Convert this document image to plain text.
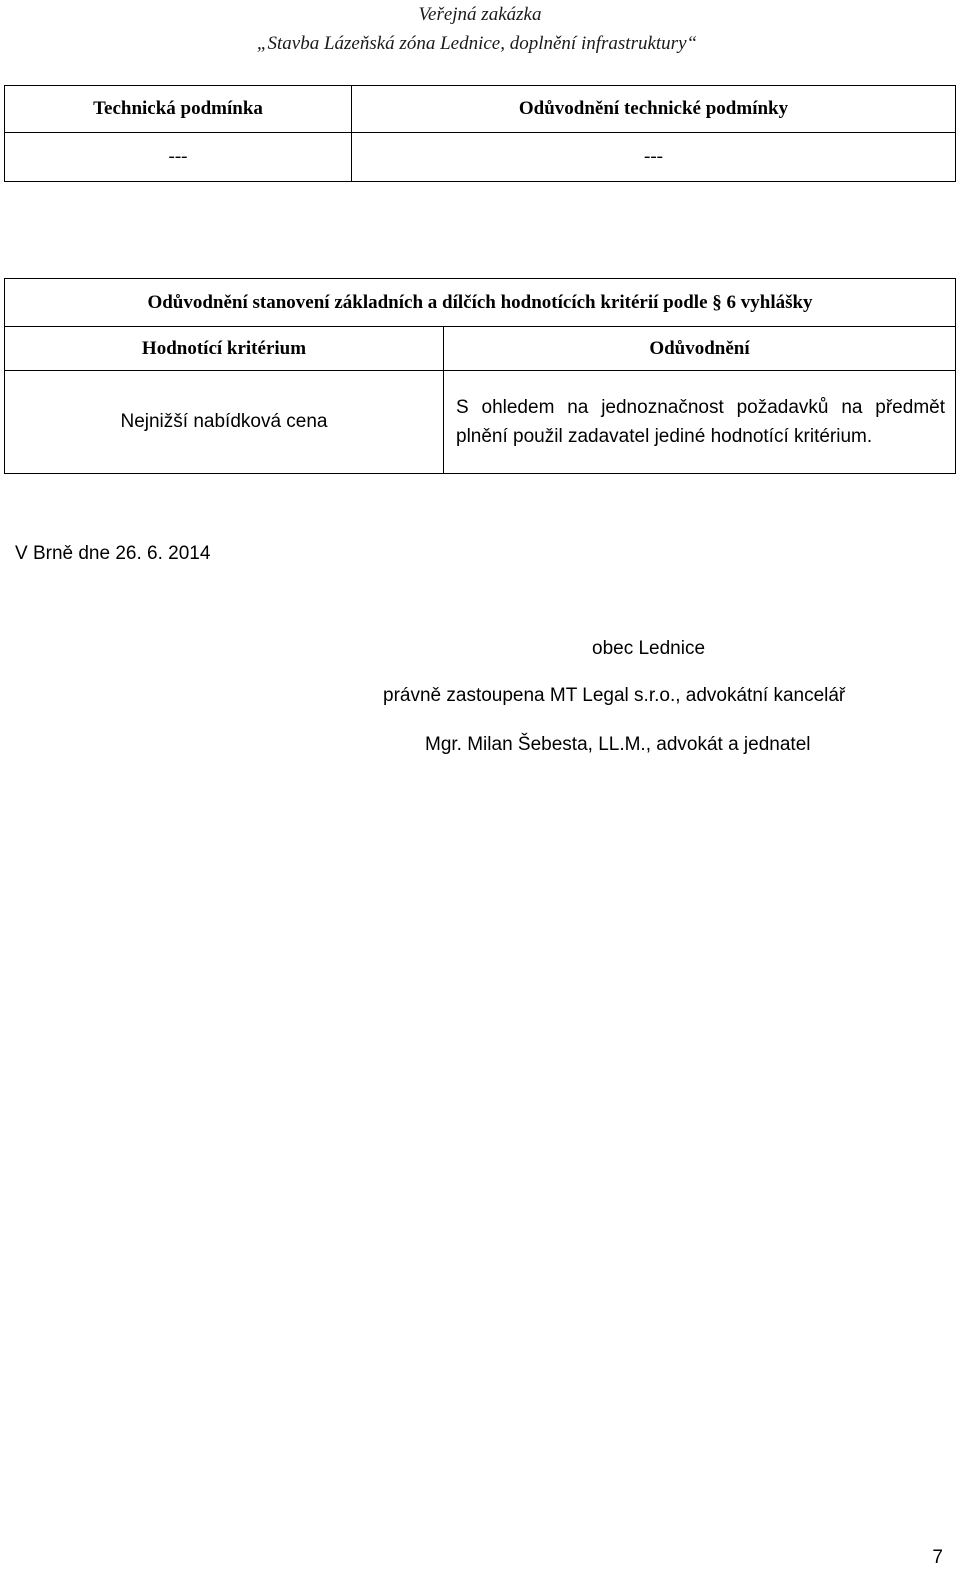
Veřejná zakázka
„Stavba Lázeňská zóna Lednice, doplnění infrastruktury“
Technická podmínka	Odůvodnění technické podmínky
---	---
Odůvodnění stanovení základních a dílčích hodnotících kritérií podle § 6 vyhlášky	
Hodnotící kritérium	Odůvodnění
Nejnižší nabídková cena	S ohledem na jednoznačnost požadavků na předmět plnění použil zadavatel jediné hodnotící kritérium.
V Brně dne 26. 6. 2014
obec Lednice
právně zastoupena MT Legal s.r.o., advokátní kancelář
Mgr. Milan Šebesta, LL.M., advokát a jednatel
7
